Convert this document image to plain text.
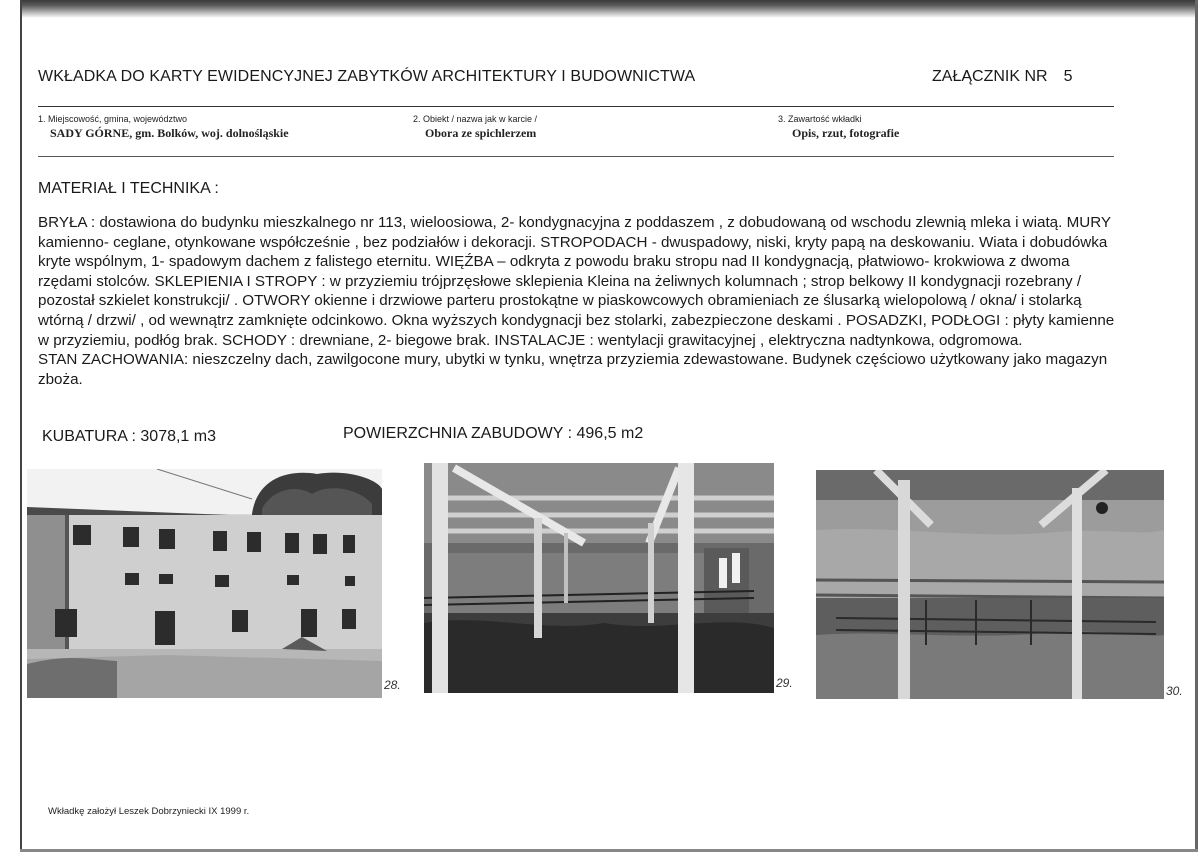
WKŁADKA DO KARTY EWIDENCYJNEJ ZABYTKÓW ARCHITEKTURY I BUDOWNICTWA	ZAŁĄCZNIK NR 5
1. Miejscowość, gmina, województwo
SADY GÓRNE, gm. Bolków, woj. dolnośląskie
2. Obiekt / nazwa jak w karcie /
Obora ze spichlerzem
3. Zawartość wkładki
Opis, rzut, fotografie
MATERIAŁ I TECHNIKA :

BRYŁA : dostawiona do budynku mieszkalnego nr 113, wieloosiowa, 2- kondygnacyjna z poddaszem , z dobudowaną od wschodu zlewnią mleka i wiatą. MURY kamienno- ceglane, otynkowane współcześnie , bez podziałów i dekoracji. STROPODACH - dwuspadowy, niski, kryty papą na deskowaniu. Wiata i dobudówka kryte wspólnym, 1- spadowym dachem z falistego eternitu. WIĘŹBA – odkryta z powodu braku stropu nad II kondygnacją, płatwiowo- krokwiowa z dwoma rzędami stolców. SKLEPIENIA I STROPY : w przyziemiu trójprzęsłowe sklepienia Kleina na żeliwnych kolumnach ; strop belkowy II kondygnacji rozebrany / pozostał szkielet konstrukcji/ . OTWORY okienne i drzwiowe parteru prostokątne w piaskowcowych obramieniach ze ślusarką wielopolową / okna/ i stolarką wtórną / drzwi/ , od wewnątrz zamknięte odcinkowo. Okna wyższych kondygnacji bez stolarki, zabezpieczone deskami . POSADZKI, PODŁOGI : płyty kamienne w przyziemiu, podłóg brak. SCHODY : drewniane, 2- biegowe brak. INSTALACJE : wentylacji grawitacyjnej , elektryczna nadtynkowa, odgromowa.

STAN ZACHOWANIA: nieszczelny dach, zawilgocone mury, ubytki w tynku, wnętrza przyziemia zdewastowane. Budynek częściowo użytkowany jako magazyn zboża.

KUBATURA : 3078,1 m3	POWIERZCHNIA ZABUDOWY : 496,5 m2
28.	29.
30.
Wkładkę założył Leszek Dobrzyniecki IX 1999 r.
